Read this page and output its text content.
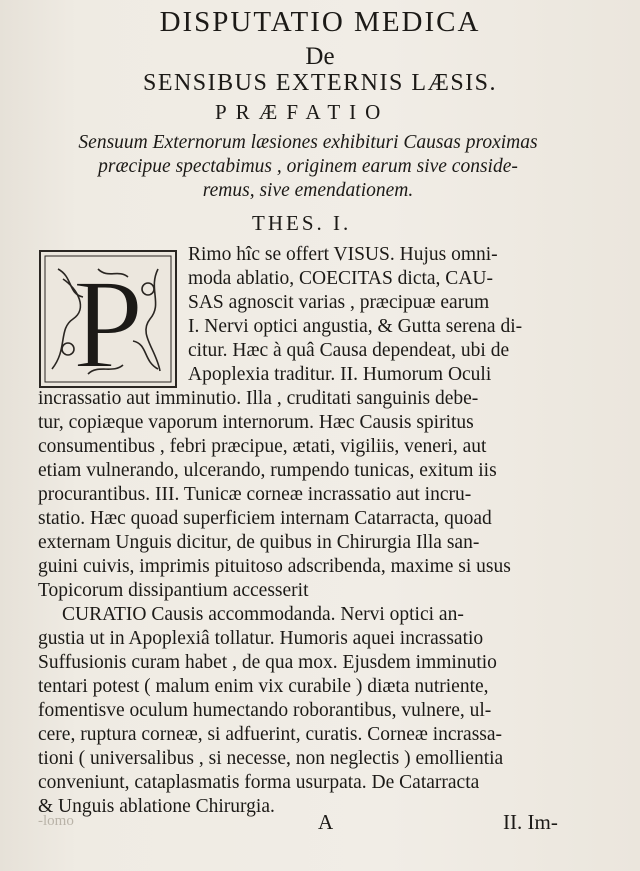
DISPUTATIO MEDICA
De
SENSIBUS EXTERNIS LÆSIS.
PRÆFATIO
Sensuum Externorum læsiones exhibituri Causas proximas
præcipue spectabimus , originem earum sive conside-
remus, sive emendationem.
THES. I.
P Rimo hîc se offert VISUS. Hujus omni-
moda ablatio, COECITAS dicta, CAU-
SAS agnoscit varias , præcipuæ earum
I. Nervi optici angustia, & Gutta serena di-
citur. Hæc à quâ Causa dependeat, ubi de
Apoplexia traditur. II. Humorum Oculi
incrassatio aut imminutio. Illa , cruditati sanguinis debe-
tur, copiæque vaporum internorum. Hæc Causis spiritus
consumentibus , febri præcipue, ætati, vigiliis, veneri, aut
etiam vulnerando, ulcerando, rumpendo tunicas, exitum iis
procurantibus. III. Tunicæ corneæ incrassatio aut incru-
statio. Hæc quoad superficiem internam Catarracta, quoad
externam Unguis dicitur, de quibus in Chirurgia Illa san-
guini cuivis, imprimis pituitoso adscribenda, maxime si usus
Topicorum dissipantium accesserit
CURATIO Causis accommodanda. Nervi optici an-
gustia ut in Apoplexiâ tollatur. Humoris aquei incrassatio
Suffusionis curam habet , de qua mox. Ejusdem imminutio
tentari potest ( malum enim vix curabile ) diæta nutriente,
fomentisve oculum humectando roborantibus, vulnere, ul-
cere, ruptura corneæ, si adfuerint, curatis. Corneæ incrassa-
tioni ( universalibus , si necesse, non neglectis ) emollientia
conveniunt, cataplasmatis forma usurpata. De Catarracta
& Unguis ablatione Chirurgia.
-lomo	A	II. Im-
